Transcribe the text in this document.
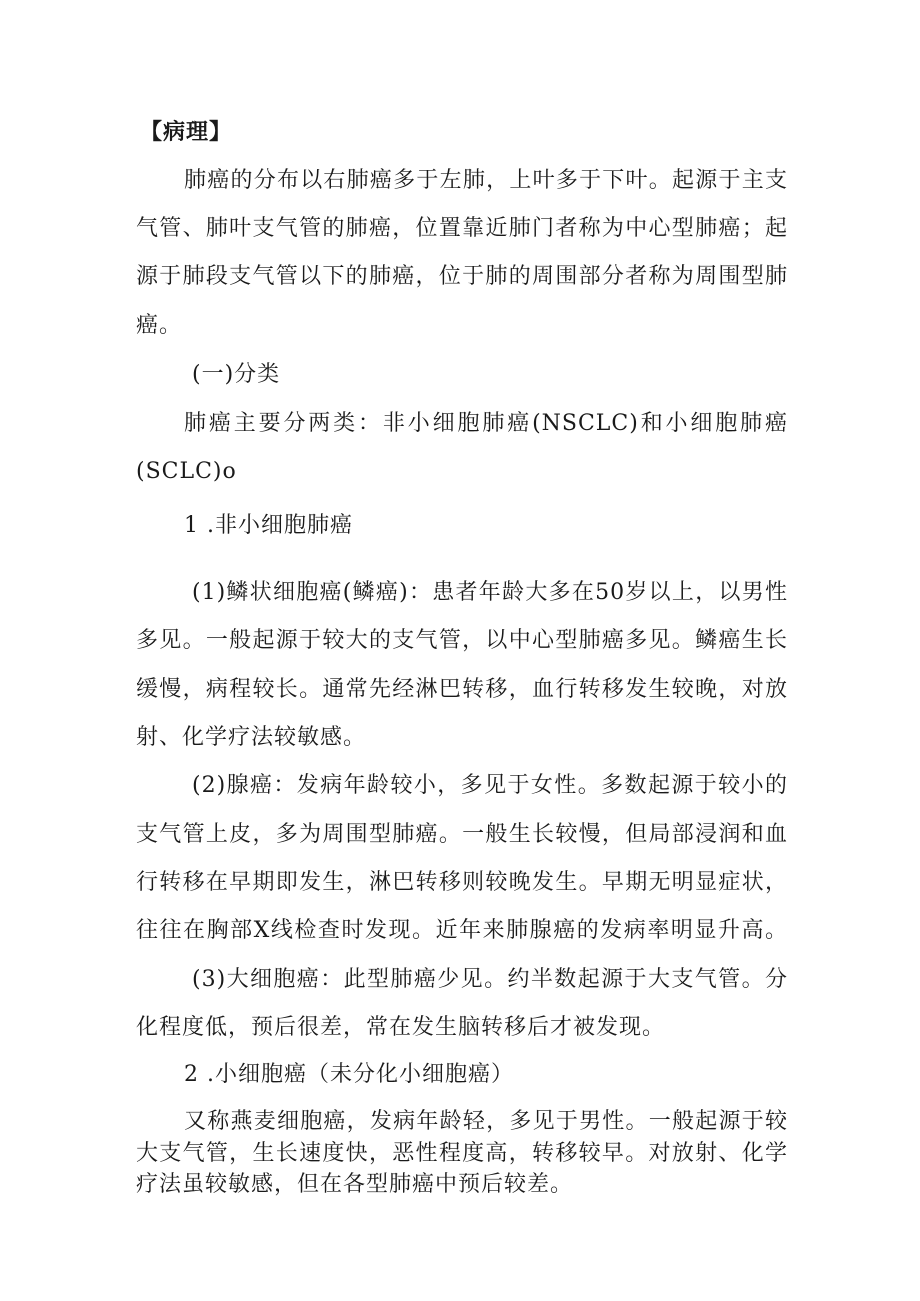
【病理】
肺癌的分布以右肺癌多于左肺，上叶多于下叶。起源于主支
气管、肺叶支气管的肺癌，位置靠近肺门者称为中心型肺癌；起
源于肺段支气管以下的肺癌，位于肺的周围部分者称为周围型肺
癌。
(一)分类
肺癌主要分两类：非小细胞肺癌(NSCLC)和小细胞肺癌
(SCLC)o
1 .非小细胞肺癌
(1)鳞状细胞癌(鳞癌)：患者年龄大多在50岁以上，以男性
多见。一般起源于较大的支气管，以中心型肺癌多见。鳞癌生长
缓慢，病程较长。通常先经淋巴转移，血行转移发生较晚，对放
射、化学疗法较敏感。
(2)腺癌：发病年龄较小，多见于女性。多数起源于较小的
支气管上皮，多为周围型肺癌。一般生长较慢，但局部浸润和血
行转移在早期即发生，淋巴转移则较晚发生。早期无明显症状，
往往在胸部X线检查时发现。近年来肺腺癌的发病率明显升高。
(3)大细胞癌：此型肺癌少见。约半数起源于大支气管。分
化程度低，预后很差，常在发生脑转移后才被发现。
2 .小细胞癌（未分化小细胞癌）
又称燕麦细胞癌，发病年龄轻，多见于男性。一般起源于较
大支气管，生长速度快，恶性程度高，转移较早。对放射、化学
疗法虽较敏感，但在各型肺癌中预后较差。
